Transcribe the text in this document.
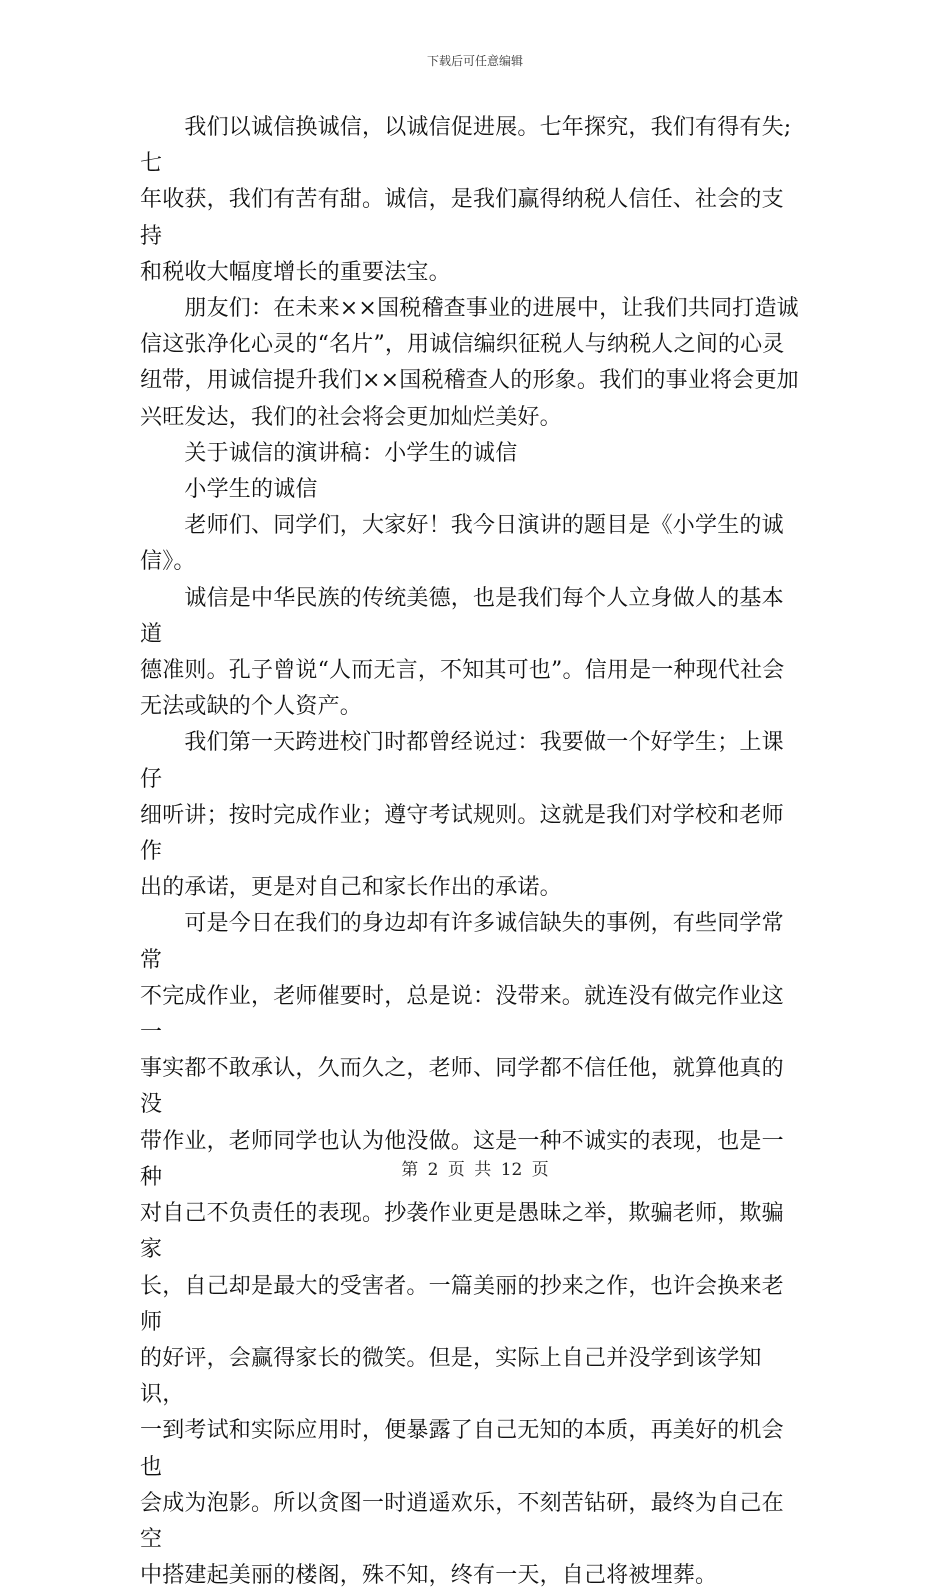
下载后可任意编辑

　　我们以诚信换诚信，以诚信促进展。七年探究，我们有得有失;七
年收获，我们有苦有甜。诚信，是我们赢得纳税人信任、社会的支持
和税收大幅度增长的重要法宝。

　　朋友们：在未来××国税稽查事业的进展中，让我们共同打造诚
信这张净化心灵的“名片”，用诚信编织征税人与纳税人之间的心灵
纽带，用诚信提升我们××国税稽查人的形象。我们的事业将会更加
兴旺发达，我们的社会将会更加灿烂美好。

　　关于诚信的演讲稿：小学生的诚信

　　小学生的诚信

　　老师们、同学们，大家好！我今日演讲的题目是《小学生的诚
信》。

　　诚信是中华民族的传统美德，也是我们每个人立身做人的基本道
德准则。孔子曾说“人而无言，不知其可也”。信用是一种现代社会
无法或缺的个人资产。

　　我们第一天跨进校门时都曾经说过：我要做一个好学生；上课仔
细听讲；按时完成作业；遵守考试规则。这就是我们对学校和老师作
出的承诺，更是对自己和家长作出的承诺。

　　可是今日在我们的身边却有许多诚信缺失的事例，有些同学常常
不完成作业，老师催要时，总是说：没带来。就连没有做完作业这一
事实都不敢承认，久而久之，老师、同学都不信任他，就算他真的没
带作业，老师同学也认为他没做。这是一种不诚实的表现，也是一种
对自己不负责任的表现。抄袭作业更是愚昧之举，欺骗老师，欺骗家
长，自己却是最大的受害者。一篇美丽的抄来之作，也许会换来老师
的好评，会赢得家长的微笑。但是，实际上自己并没学到该学知识，
一到考试和实际应用时，便暴露了自己无知的本质，再美好的机会也
会成为泡影。所以贪图一时逍遥欢乐，不刻苦钻研，最终为自己在空
中搭建起美丽的楼阁，殊不知，终有一天，自己将被埋葬。

第 2 页 共 12 页
